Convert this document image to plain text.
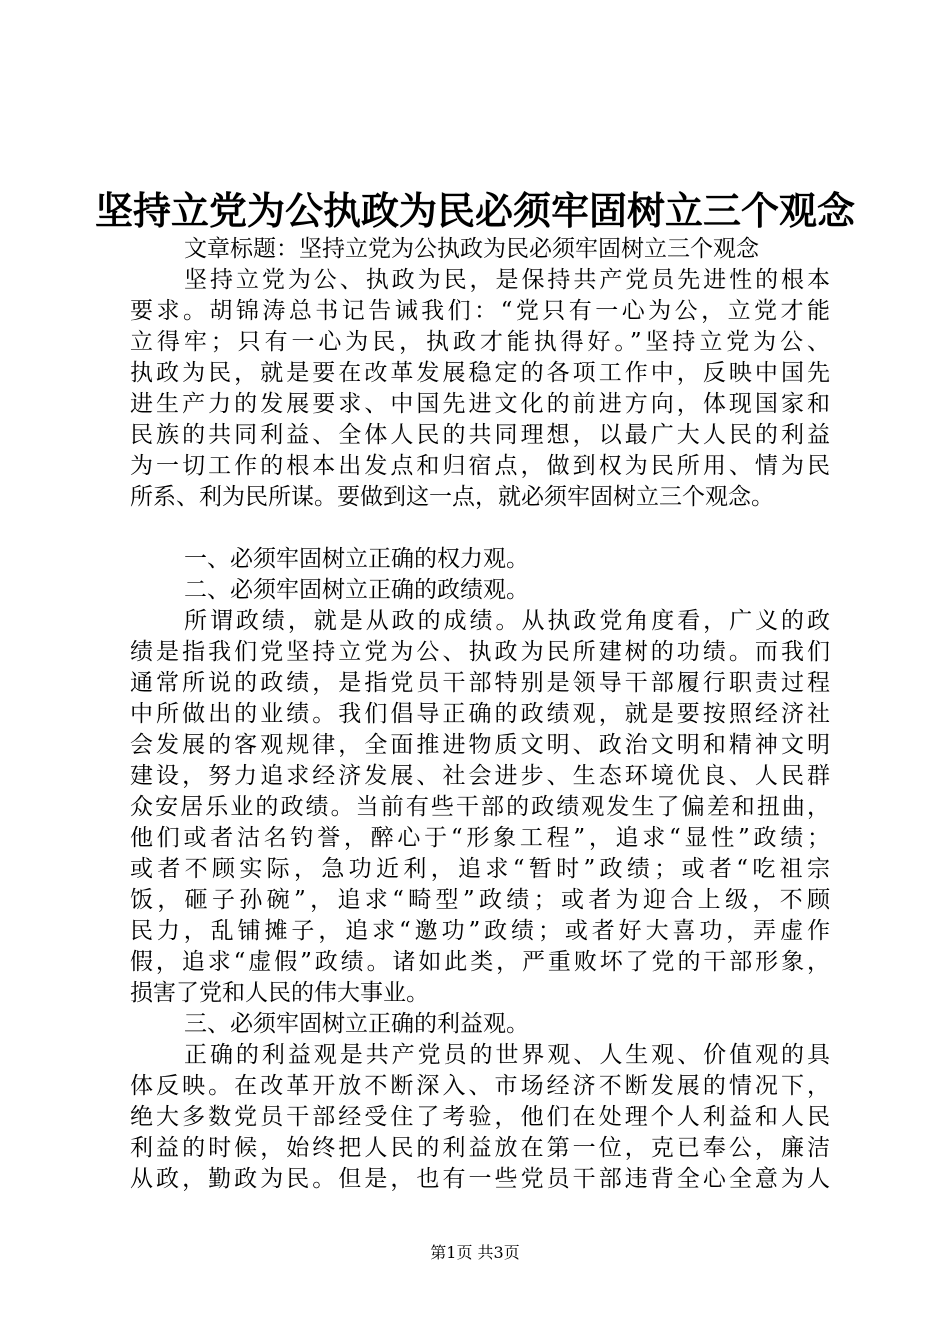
坚持立党为公执政为民必须牢固树立三个观念
文章标题：坚持立党为公执政为民必须牢固树立三个观念
坚持立党为公、执政为民，是保持共产党员先进性的根本
要求。胡锦涛总书记告诫我们：“党只有一心为公，立党才能
立得牢；只有一心为民，执政才能执得好。”坚持立党为公、
执政为民，就是要在改革发展稳定的各项工作中，反映中国先
进生产力的发展要求、中国先进文化的前进方向，体现国家和
民族的共同利益、全体人民的共同理想，以最广大人民的利益
为一切工作的根本出发点和归宿点，做到权为民所用、情为民
所系、利为民所谋。要做到这一点，就必须牢固树立三个观念。
一、必须牢固树立正确的权力观。
二、必须牢固树立正确的政绩观。
所谓政绩，就是从政的成绩。从执政党角度看，广义的政
绩是指我们党坚持立党为公、执政为民所建树的功绩。而我们
通常所说的政绩，是指党员干部特别是领导干部履行职责过程
中所做出的业绩。我们倡导正确的政绩观，就是要按照经济社
会发展的客观规律，全面推进物质文明、政治文明和精神文明
建设，努力追求经济发展、社会进步、生态环境优良、人民群
众安居乐业的政绩。当前有些干部的政绩观发生了偏差和扭曲，
他们或者沽名钓誉，醉心于“形象工程”，追求“显性”政绩；
或者不顾实际，急功近利，追求“暂时”政绩；或者“吃祖宗
饭，砸子孙碗”，追求“畸型”政绩；或者为迎合上级，不顾
民力，乱铺摊子，追求“邀功”政绩；或者好大喜功，弄虚作
假，追求“虚假”政绩。诸如此类，严重败坏了党的干部形象，
损害了党和人民的伟大事业。
三、必须牢固树立正确的利益观。
正确的利益观是共产党员的世界观、人生观、价值观的具
体反映。在改革开放不断深入、市场经济不断发展的情况下，
绝大多数党员干部经受住了考验，他们在处理个人利益和人民
利益的时候，始终把人民的利益放在第一位，克已奉公，廉洁
从政，勤政为民。但是，也有一些党员干部违背全心全意为人
第1页 共3页
